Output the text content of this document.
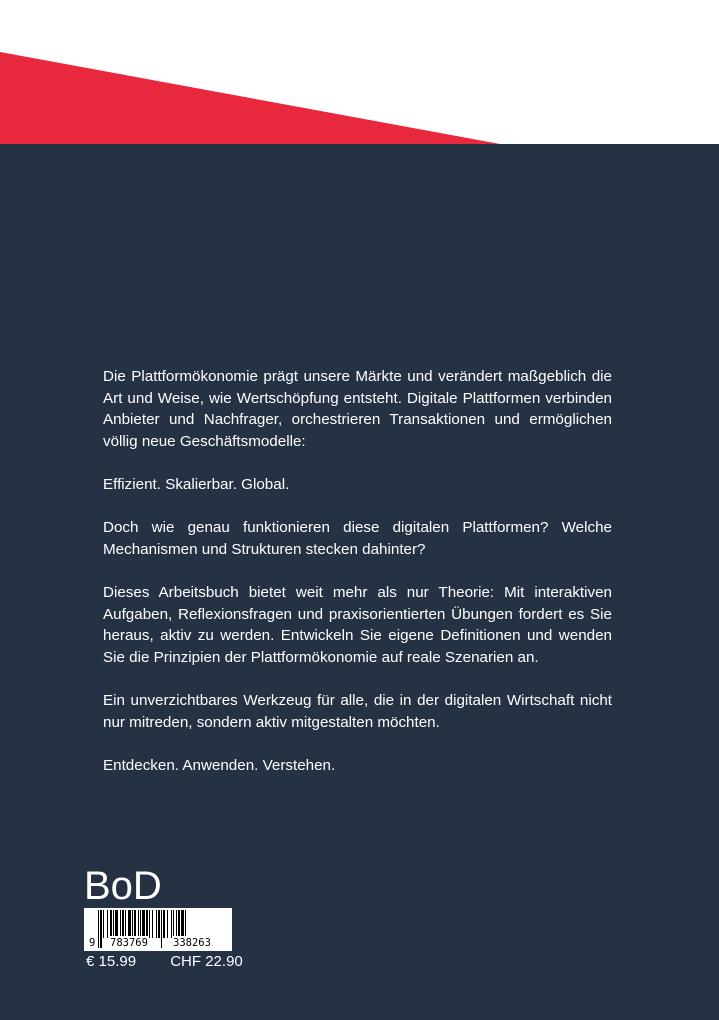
Die Plattformökonomie prägt unsere Märkte und verändert maßgeblich die Art und Weise, wie Wertschöpfung entsteht. Digitale Plattformen verbinden Anbieter und Nachfrager, orchestrieren Transaktionen und ermöglichen völlig neue Geschäftsmodelle:

Effizient. Skalierbar. Global.

Doch wie genau funktionieren diese digitalen Plattformen? Welche Mechanismen und Strukturen stecken dahinter?

Dieses Arbeitsbuch bietet weit mehr als nur Theorie: Mit interaktiven Aufgaben, Reflexionsfragen und praxisorientierten Übungen fordert es Sie heraus, aktiv zu werden. Entwickeln Sie eigene Definitionen und wenden Sie die Prinzipien der Plattformökonomie auf reale Szenarien an.

Ein unverzichtbares Werkzeug für alle, die in der digitalen Wirtschaft nicht nur mitreden, sondern aktiv mitgestalten möchten.

Entdecken. Anwenden. Verstehen.

BoD
9 783769 338263
€ 15.99 CHF 22.90
